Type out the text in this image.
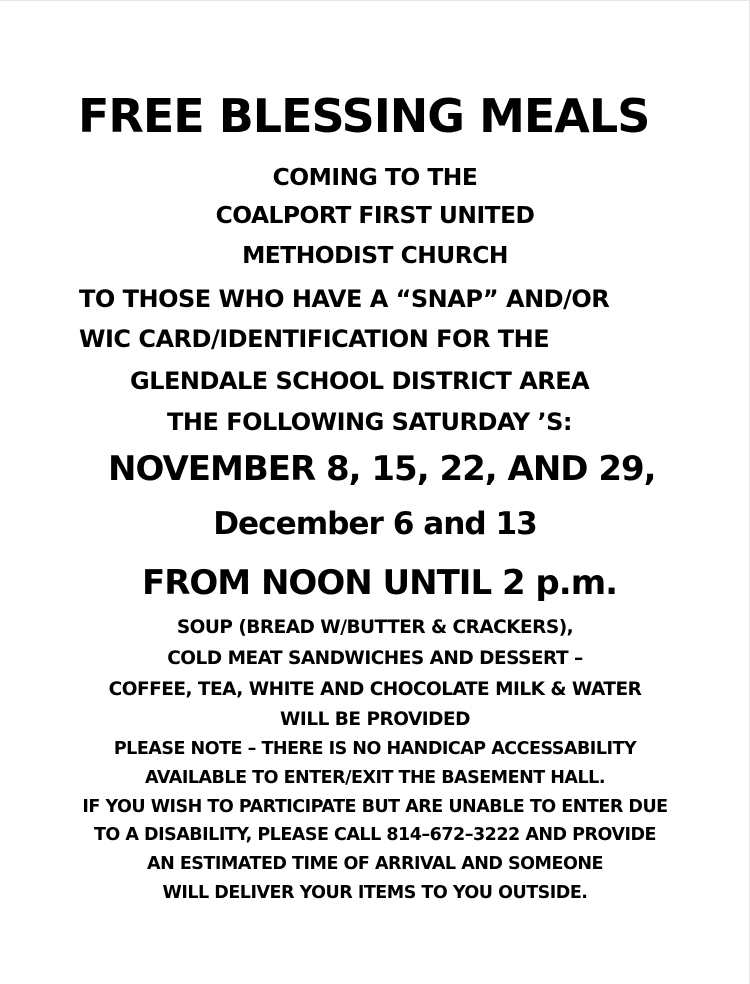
FREE BLESSING MEALS
COMING TO THE
COALPORT FIRST UNITED
METHODIST CHURCH
TO THOSE WHO HAVE A “SNAP” AND/OR
WIC CARD/IDENTIFICATION FOR THE
GLENDALE SCHOOL DISTRICT AREA
THE FOLLOWING SATURDAY ’S:
NOVEMBER 8, 15, 22, AND 29,
December 6 and 13
FROM NOON UNTIL 2 p.m.
SOUP (BREAD W/BUTTER & CRACKERS),
COLD MEAT SANDWICHES AND DESSERT –
COFFEE, TEA, WHITE AND CHOCOLATE MILK & WATER
WILL BE PROVIDED
PLEASE NOTE – THERE IS NO HANDICAP ACCESSABILITY
AVAILABLE TO ENTER/EXIT THE BASEMENT HALL.
IF YOU WISH TO PARTICIPATE BUT ARE UNABLE TO ENTER DUE
TO A DISABILITY, PLEASE CALL 814–672–3222 AND PROVIDE
AN ESTIMATED TIME OF ARRIVAL AND SOMEONE
WILL DELIVER YOUR ITEMS TO YOU OUTSIDE.
